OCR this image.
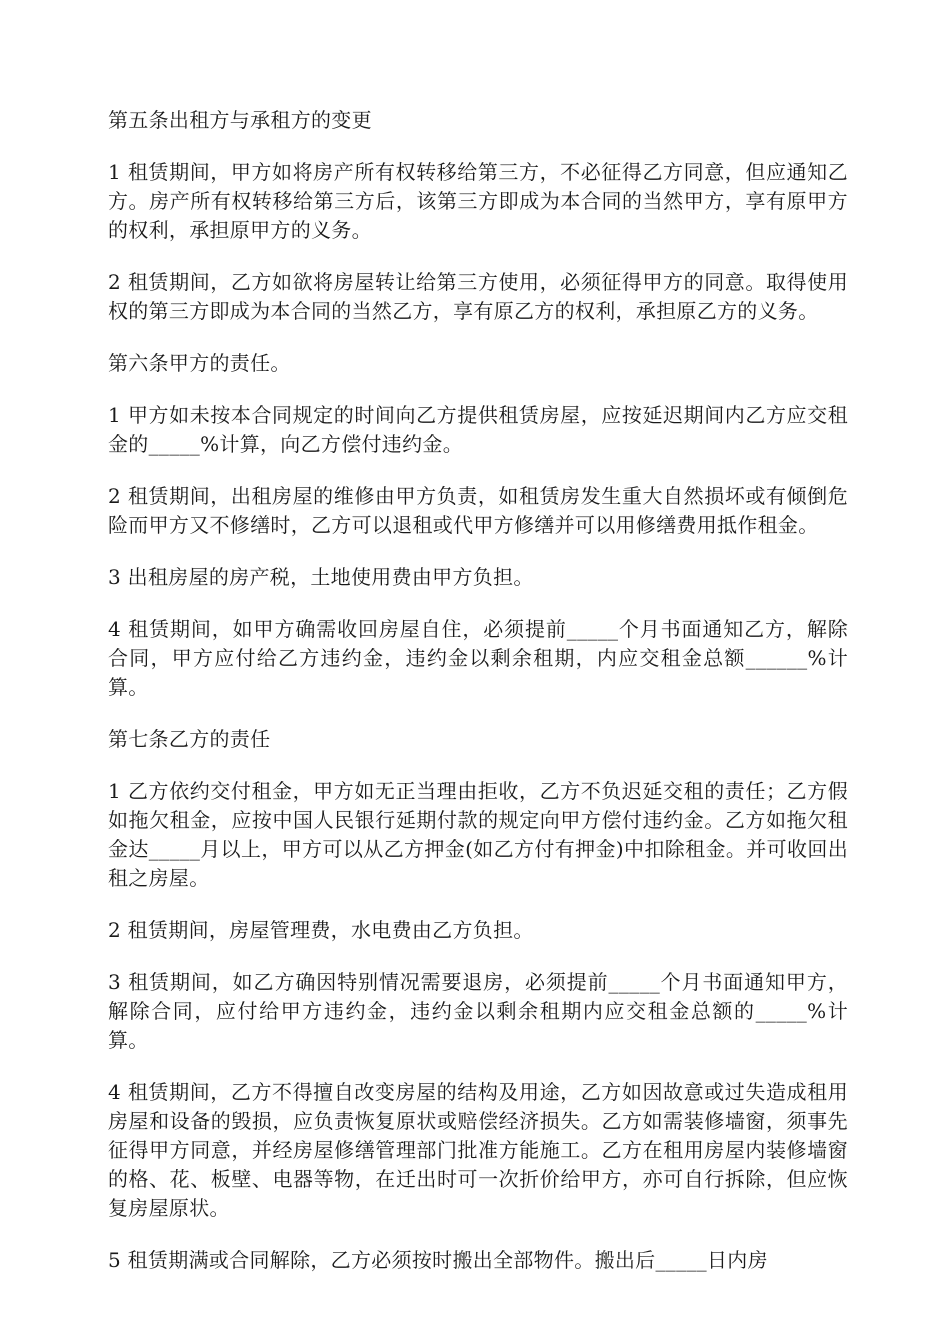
第五条出租方与承租方的变更

1 租赁期间，甲方如将房产所有权转移给第三方，不必征得乙方同意，但应通知乙方。房产所有权转移给第三方后，该第三方即成为本合同的当然甲方，享有原甲方的权利，承担原甲方的义务。

2 租赁期间，乙方如欲将房屋转让给第三方使用，必须征得甲方的同意。取得使用权的第三方即成为本合同的当然乙方，享有原乙方的权利，承担原乙方的义务。

第六条甲方的责任。

1 甲方如未按本合同规定的时间向乙方提供租赁房屋，应按延迟期间内乙方应交租金的_____%计算，向乙方偿付违约金。

2 租赁期间，出租房屋的维修由甲方负责，如租赁房发生重大自然损坏或有倾倒危险而甲方又不修缮时，乙方可以退租或代甲方修缮并可以用修缮费用抵作租金。

3 出租房屋的房产税，土地使用费由甲方负担。

4 租赁期间，如甲方确需收回房屋自住，必须提前_____个月书面通知乙方，解除合同，甲方应付给乙方违约金，违约金以剩余租期，内应交租金总额______%计算。

第七条乙方的责任

1 乙方依约交付租金，甲方如无正当理由拒收，乙方不负迟延交租的责任；乙方假如拖欠租金，应按中国人民银行延期付款的规定向甲方偿付违约金。乙方如拖欠租金达_____月以上，甲方可以从乙方押金(如乙方付有押金)中扣除租金。并可收回出租之房屋。

2 租赁期间，房屋管理费，水电费由乙方负担。

3 租赁期间，如乙方确因特别情况需要退房，必须提前_____个月书面通知甲方，解除合同，应付给甲方违约金，违约金以剩余租期内应交租金总额的_____%计算。

4 租赁期间，乙方不得擅自改变房屋的结构及用途，乙方如因故意或过失造成租用房屋和设备的毁损，应负责恢复原状或赔偿经济损失。乙方如需装修墙窗，须事先征得甲方同意，并经房屋修缮管理部门批准方能施工。乙方在租用房屋内装修墙窗的格、花、板壁、电器等物，在迁出时可一次折价给甲方，亦可自行拆除，但应恢复房屋原状。

5 租赁期满或合同解除，乙方必须按时搬出全部物件。搬出后_____日内房
